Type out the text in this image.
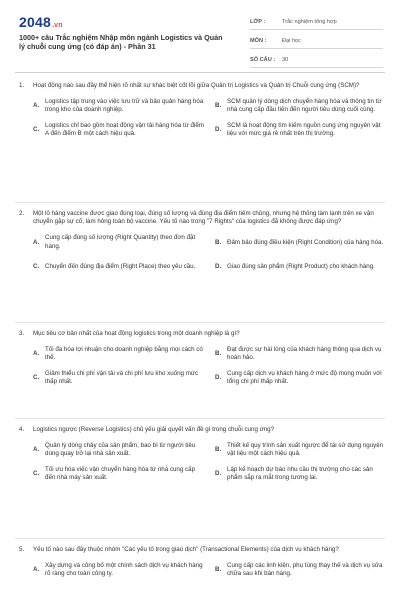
2048.vn
1000+ câu Trắc nghiệm Nhập môn ngành Logistics và Quản lý chuỗi cung ứng (có đáp án) - Phần 31
LỚP :	Trắc nghiệm tổng hợp
MÔN :	Đại học
SỐ CÂU :	30
1.	Hoạt động nào sau đây thể hiện rõ nhất sự khác biệt cốt lõi giữa Quản trị Logistics và Quản trị Chuỗi cung ứng (SCM)?
A.
Logistics tập trung vào việc lưu trữ và bảo quản hàng hóa trong kho của doanh nghiệp.
B.
SCM quản lý dòng dịch chuyển hàng hóa và thông tin từ nhà cung cấp đầu tiên đến người tiêu dùng cuối cùng.
C.
Logistics chỉ bao gồm hoạt động vận tải hàng hóa từ điểm A đến điểm B một cách hiệu quả.
D.
SCM là hoạt động tìm kiếm nguồn cung ứng nguyên vật liệu với mức giá rẻ nhất trên thị trường.
2.	Một lô hàng vaccine được giao đúng loại, đúng số lượng và đúng địa điểm tiêm chủng, nhưng hệ thống làm lạnh trên xe vận chuyển gặp sự cố, làm hỏng toàn bộ vaccine. Yếu tố nào trong "7 Rights" của logistics đã không được đáp ứng?
A.
Cung cấp đúng số lượng (Right Quantity) theo đơn đặt hàng.
B. Đảm bảo đúng điều kiện (Right Condition) của hàng hóa.
C. Chuyển đến đúng địa điểm (Right Place) theo yêu cầu.	D. Giao đúng sản phẩm (Right Product) cho khách hàng.
3.	Mục tiêu cơ bản nhất của hoạt động logistics trong một doanh nghiệp là gì?
A.
Tối đa hóa lợi nhuận cho doanh nghiệp bằng mọi cách có thể.
B.
Đạt được sự hài lòng của khách hàng thông qua dịch vụ hoàn hảo.
C.
Giảm thiểu chi phí vận tải và chi phí lưu kho xuống mức thấp nhất.
D.
Cung cấp dịch vụ khách hàng ở mức độ mong muốn với tổng chi phí thấp nhất.
4.	Logistics ngược (Reverse Logistics) chủ yếu giải quyết vấn đề gì trong chuỗi cung ứng?
A.
Quản lý dòng chảy của sản phẩm, bao bì từ người tiêu dùng quay trở lại nhà sản xuất.
B.
Thiết kế quy trình sản xuất ngược để tái sử dụng nguyên vật liệu một cách hiệu quả.
C.
Tối ưu hóa việc vận chuyển hàng hóa từ nhà cung cấp đến nhà máy sản xuất.
D.
Lập kế hoạch dự báo nhu cầu thị trường cho các sản phẩm sắp ra mắt trong tương lai.
5.	Yếu tố nào sau đây thuộc nhóm "Các yếu tố trong giao dịch" (Transactional Elements) của dịch vụ khách hàng?
A.
Xây dựng và công bố một chính sách dịch vụ khách hàng rõ ràng cho toàn công ty.
B.
Cung cấp các linh kiện, phụ tùng thay thế và dịch vụ sửa chữa sau khi bán hàng.
